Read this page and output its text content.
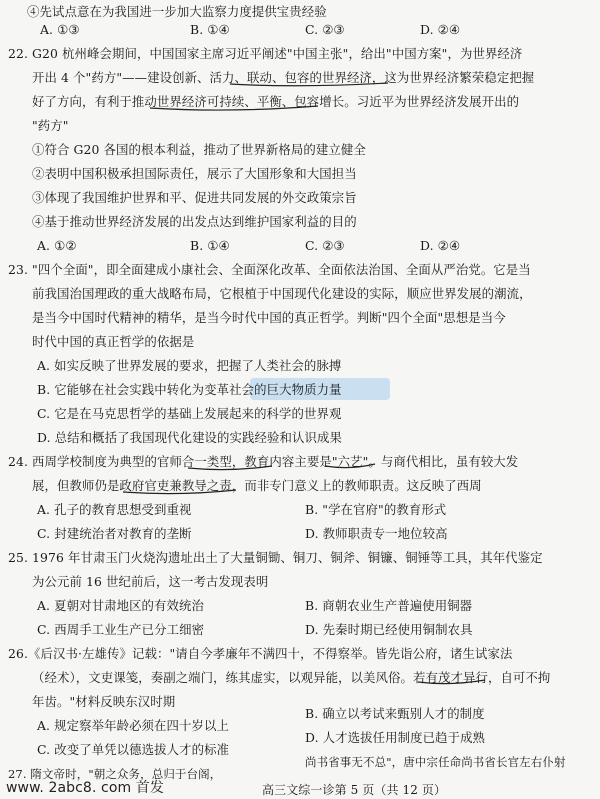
④先试点意在为我国进一步加大监察力度提供宝贵经验
A. ①③	B. ①④	C. ②③	D. ②④
22. G20 杭州峰会期间，中国国家主席习近平阐述"中国主张"，给出"中国方案"，为世界经济
开出 4 个"药方"——建设创新、活力、联动、包容的世界经济，这为世界经济繁荣稳定把握
好了方向，有利于推动世界经济可持续、平衡、包容增长。习近平为世界经济发展开出的
"药方"
①符合 G20 各国的根本利益，推动了世界新格局的建立健全
②表明中国积极承担国际责任，展示了大国形象和大国担当
③体现了我国维护世界和平、促进共同发展的外交政策宗旨
④基于推动世界经济发展的出发点达到维护国家利益的目的
A. ①②	B. ①④	C. ②③	D. ②④
23. "四个全面"，即全面建成小康社会、全面深化改革、全面依法治国、全面从严治党。它是当
前我国治国理政的重大战略布局，它根植于中国现代化建设的实际，顺应世界发展的潮流，
是当今中国时代精神的精华，是当今时代中国的真正哲学。判断"四个全面"思想是当今
时代中国的真正哲学的依据是
A. 如实反映了世界发展的要求，把握了人类社会的脉搏
B. 它能够在社会实践中转化为变革社会的巨大物质力量
C. 它是在马克思哲学的基础上发展起来的科学的世界观
D. 总结和概括了我国现代化建设的实践经验和认识成果
24. 西周学校制度为典型的官师合一类型，教育内容主要是"六艺"。与商代相比，虽有较大发
展，但教师仍是政府官吏兼教导之责，而非专门意义上的教师职责。这反映了西周
A. 孔子的教育思想受到重视	B. "学在官府"的教育形式
C. 封建统治者对教育的垄断	D. 教师职责专一地位较高
25. 1976 年甘肃玉门火烧沟遗址出土了大量铜锄、铜刀、铜斧、铜镰、铜锤等工具，其年代鉴定
为公元前 16 世纪前后，这一考古发现表明
A. 夏朝对甘肃地区的有效统治	B. 商朝农业生产普遍使用铜器
C. 西周手工业生产已分工细密	D. 先秦时期已经使用铜制农具
26.《后汉书·左雄传》记载："请自今孝廉年不满四十，不得察举。皆先诣公府，诸生试家法
（经术），文吏课笺，奏副之端门，练其虚实，以观异能，以美风俗。若有茂才异行，自可不拘
年齿。"材料反映东汉时期
A. 规定察举年龄必须在四十岁以上
B. 确立以考试来甄别人才的制度
C. 改变了单凭以德选拔人才的标准
D. 人才选拔任用制度已趋于成熟
尚书省事无不总"，唐中宗任命尚书省长官左右仆射
27. 隋文帝时，"朝之众务，总归于台阁，
www. 2abc8. com 首发	高三文综一诊第 5 页（共 12 页）
